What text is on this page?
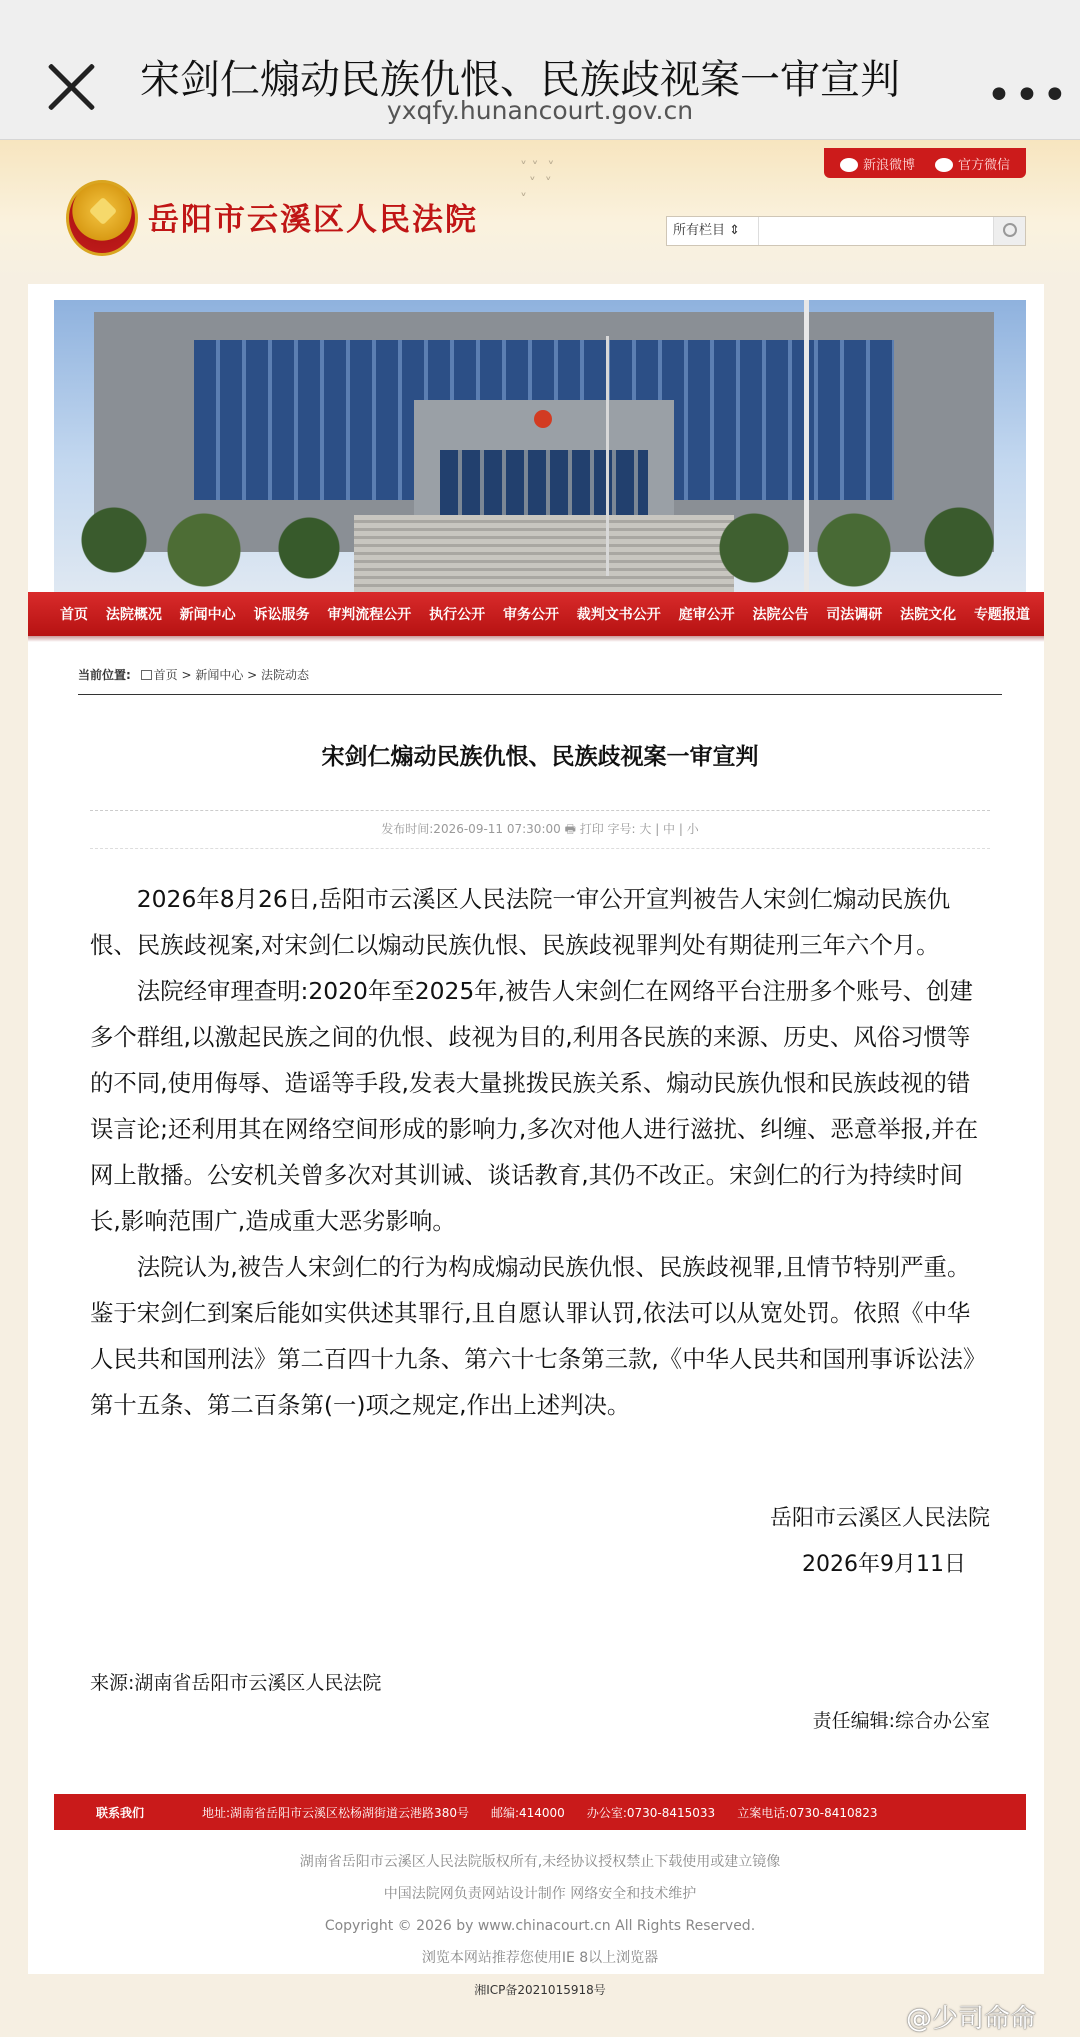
宋剑仁煽动民族仇恨、民族歧视案一审宣判
yxqfy.hunancourt.gov.cn	•••
新浪微博	官方微信
岳阳市云溪区人民法院
˅ ˅  ˅
˅  ˅
˅
所有栏目 ⇕
首页 法院概况 新闻中心 诉讼服务 审判流程公开 执行公开 审务公开 裁判文书公开 庭审公开 法院公告 司法调研 法院文化 专题报道
当前位置: 首页 > 新闻中心 > 法院动态
宋剑仁煽动民族仇恨、民族歧视案一审宣判
发布时间:2026-09-11 07:30:00 🖶 打印 字号: 大 | 中 | 小

2026年8月26日,岳阳市云溪区人民法院一审公开宣判被告人宋剑仁煽动民族仇恨、民族歧视案,对宋剑仁以煽动民族仇恨、民族歧视罪判处有期徒刑三年六个月。

法院经审理查明:2020年至2025年,被告人宋剑仁在网络平台注册多个账号、创建多个群组,以激起民族之间的仇恨、歧视为目的,利用各民族的来源、历史、风俗习惯等的不同,使用侮辱、造谣等手段,发表大量挑拨民族关系、煽动民族仇恨和民族歧视的错误言论;还利用其在网络空间形成的影响力,多次对他人进行滋扰、纠缠、恶意举报,并在网上散播。公安机关曾多次对其训诫、谈话教育,其仍不改正。宋剑仁的行为持续时间长,影响范围广,造成重大恶劣影响。

法院认为,被告人宋剑仁的行为构成煽动民族仇恨、民族歧视罪,且情节特别严重。鉴于宋剑仁到案后能如实供述其罪行,且自愿认罪认罚,依法可以从宽处罚。依照《中华人民共和国刑法》第二百四十九条、第六十七条第三款,《中华人民共和国刑事诉讼法》第十五条、第二百条第(一)项之规定,作出上述判决。

岳阳市云溪区人民法院
2026年9月11日
来源:湖南省岳阳市云溪区人民法院
责任编辑:综合办公室
联系我们	地址:湖南省岳阳市云溪区松杨湖街道云港路380号 邮编:414000 办公室:0730-8415033 立案电话:0730-8410823
湖南省岳阳市云溪区人民法院版权所有,未经协议授权禁止下载使用或建立镜像
中国法院网负责网站设计制作 网络安全和技术维护
Copyright © 2026 by www.chinacourt.cn All Rights Reserved.
浏览本网站推荐您使用IE 8以上浏览器
湘ICP备2021015918号
@少司命命
